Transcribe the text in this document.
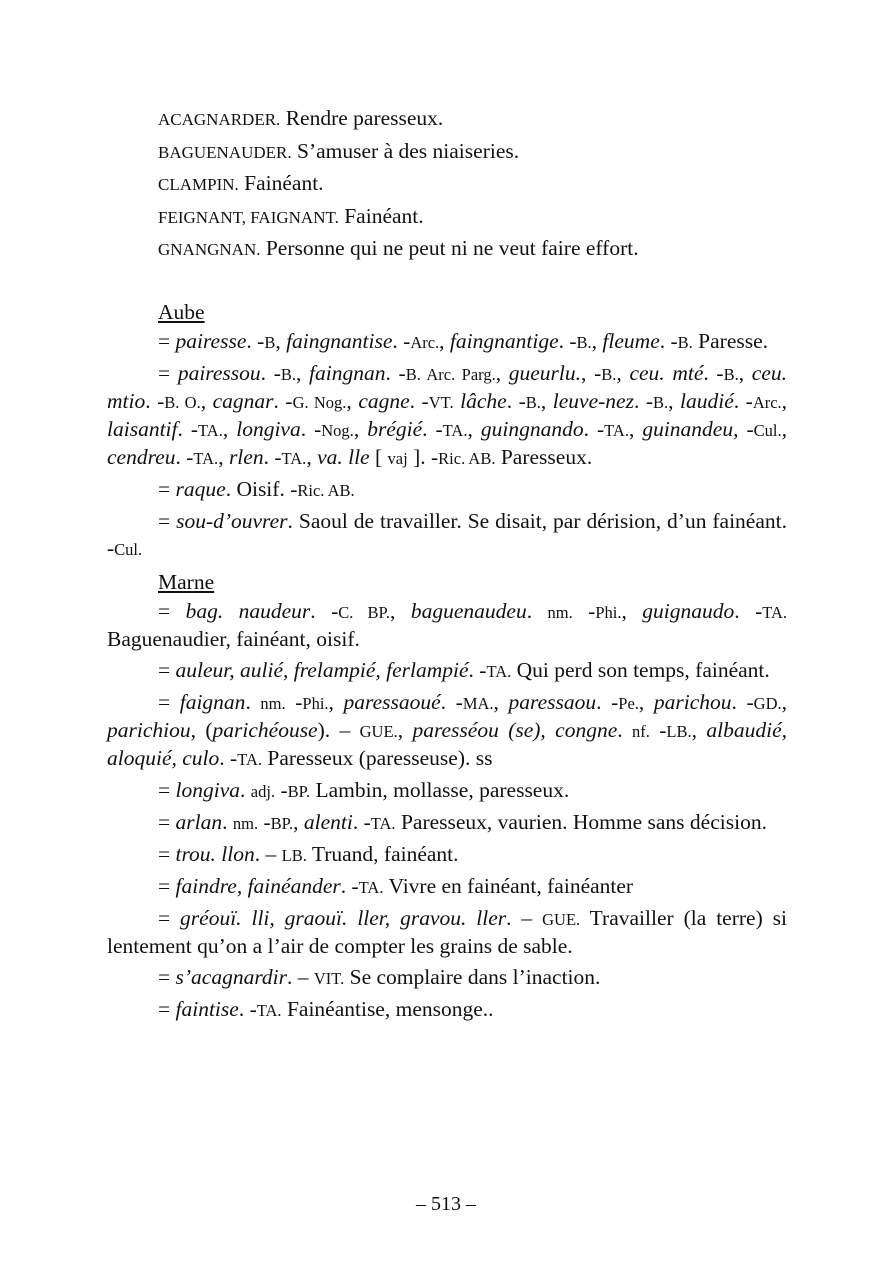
ACAGNARDER. Rendre paresseux.

BAGUENAUDER. S’amuser à des niaiseries.

CLAMPIN. Fainéant.

FEIGNANT, FAIGNANT. Fainéant.

GNANGNAN. Personne qui ne peut ni ne veut faire effort.

Aube

= pairesse. -B, faingnantise. -Arc., faingnantige. -B., fleume. -B. Paresse.

= pairessou. -B., faingnan. -B. Arc. Parg., gueurlu., -B., ceu. mté. -B., ceu. mtio. -B. O., cagnar. -G. Nog., cagne. -VT. lâche. -B., leuve-nez. -B., laudié. -Arc., laisantif. -TA., longiva. -Nog., brégié. -TA., guingnando. -TA., guinandeu, -Cul., cendreu. -TA., rlen. -TA., va. lle [ vaj ]. -Ric. AB. Paresseux.

= raque. Oisif. -Ric. AB.

= sou-d’ouvrer. Saoul de travailler. Se disait, par dérision, d’un fainéant. -Cul.

Marne

= bag. naudeur. -C. BP., baguenaudeu. nm. -Phi., guignaudo. -TA. Baguenaudier, fainéant, oisif.

= auleur, aulié, frelampié, ferlampié. -TA. Qui perd son temps, fainéant.

= faignan. nm. -Phi., paressaoué. -MA., paressaou. -Pe., parichou. -GD., parichiou, (parichéouse). – GUE., paresséou (se), congne. nf. -LB., albaudié, aloquié, culo. -TA. Paresseux (paresseuse). ss

= longiva. adj. -BP. Lambin, mollasse, paresseux.

= arlan. nm. -BP., alenti. -TA. Paresseux, vaurien. Homme sans décision.

= trou. llon. – LB. Truand, fainéant.

= faindre, fainéander. -TA. Vivre en fainéant, fainéanter

= gréouï. lli, graouï. ller, gravou. ller. – GUE. Travailler (la terre) si lentement qu’on a l’air de compter les grains de sable.

= s’acagnardir. – VIT. Se complaire dans l’inaction.

= faintise. -TA. Fainéantise, mensonge..

– 513 –
